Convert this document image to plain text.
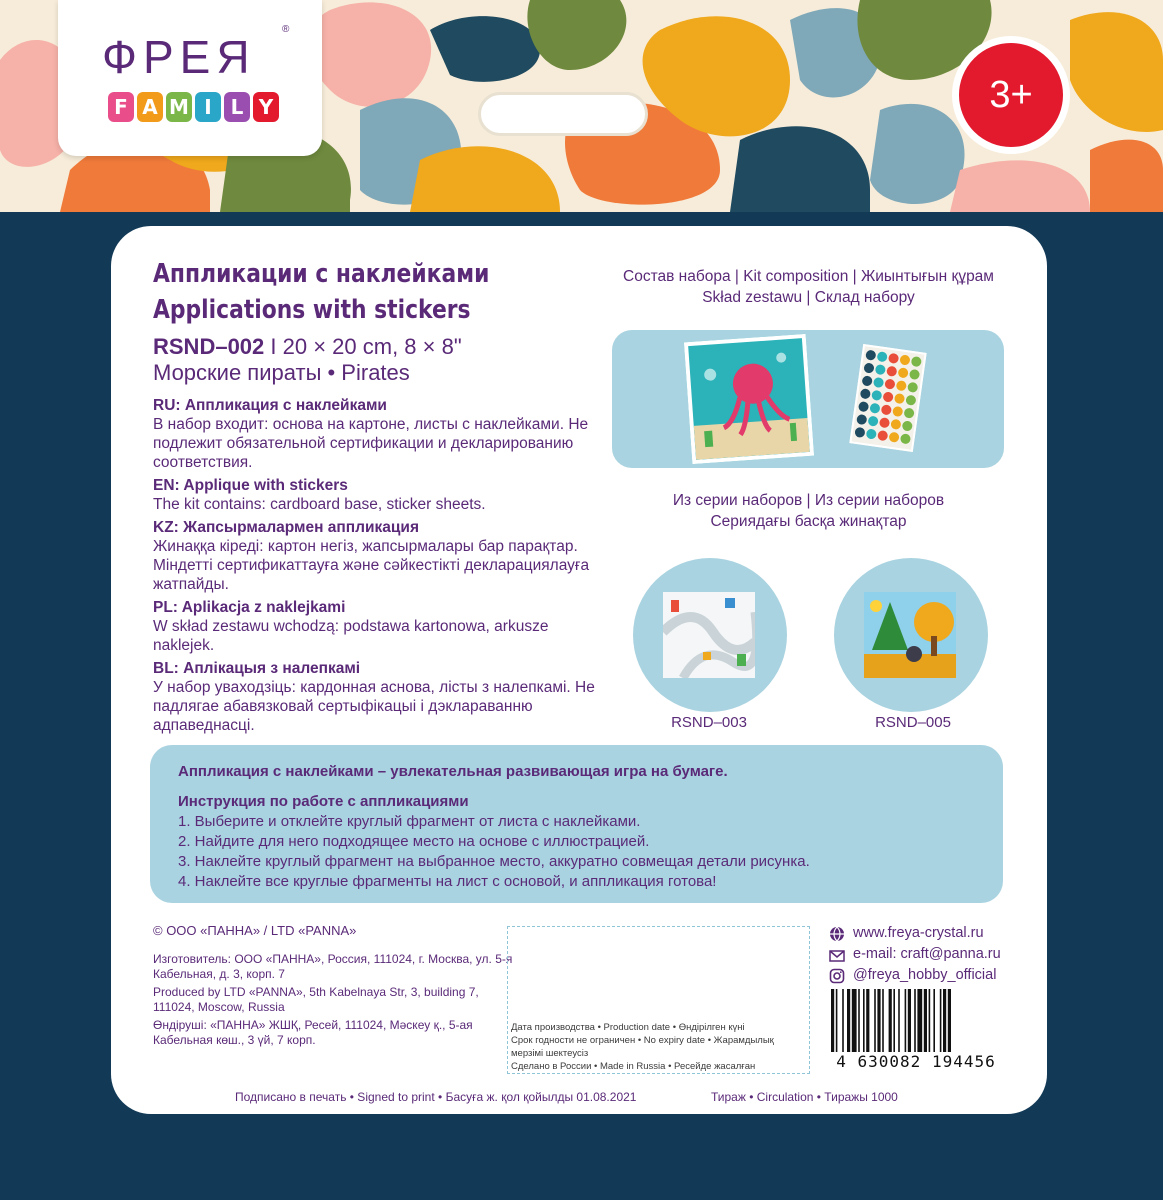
ФРЕЯ
®
F A M I L Y	3+
Аппликации с наклейками
Applications with stickers
RSND–002 I 20 × 20 cm, 8 × 8"
Морские пираты • Pirates
RU: Аппликация с наклейками
В набор входит: основа на картоне, листы с наклейками. Не подлежит обязательной сертификации и декларированию соответствия.
EN: Applique with stickers
The kit contains: cardboard base, sticker sheets.
KZ: Жапсырмалармен аппликация
Жинаққа кіреді: картон негіз, жапсырмалары бар парақтар. Міндетті сертификаттауға және сәйкестікті декларациялауға жатпайды.
PL: Aplikacja z naklejkami
W skład zestawu wchodzą: podstawa kartonowa, arkusze naklejek.
BL: Аплікацыя з налепкамі
У набор уваходзіць: кардонная аснова, лісты з налепкамі. Не падлягае абавязковай сертыфікацыі і дэклараванню адпаведнасці.
Состав набора | Kit composition | Жиынтығын құрам
Skład zestawu | Склад набору
Из серии наборов | Из серии наборов
Сериядағы басқа жинақтар
RSND–003	RSND–005
Аппликация с наклейками – увлекательная развивающая игра на бумаге.
Инструкция по работе с аппликациями
1. Выберите и отклейте круглый фрагмент от листа с наклейками.
2. Найдите для него подходящее место на основе с иллюстрацией.
3. Наклейте круглый фрагмент на выбранное место, аккуратно совмещая детали рисунка.
4. Наклейте все круглые фрагменты на лист с основой, и аппликация готова!
© ООО «ПАННА» / LTD «PANNA»

Изготовитель: ООО «ПАННА», Россия, 111024, г. Москва, ул. 5-я Кабельная, д. 3, корп. 7

Produced by LTD «PANNA», 5th Kabelnaya Str, 3, building 7, 111024, Moscow, Russia

Өндіруші: «ПАННА» ЖШҚ, Ресей, 111024, Мәскеу қ., 5-ая Кабельная көш., 3 үй, 7 корп.

Дата производства • Production date • Өндірілген күні
Срок годности не ограничен • No expiry date • Жарамдылық мерзімі шектеусіз
Сделано в России • Made in Russia • Ресейде жасалған
www.freya-crystal.ru
e-mail: craft@panna.ru
@freya_hobby_official
4 630082 194456
Подписано в печать • Signed to print • Басуға ж. қол қойылды 01.08.2021	Тираж • Circulation • Тиражы 1000
